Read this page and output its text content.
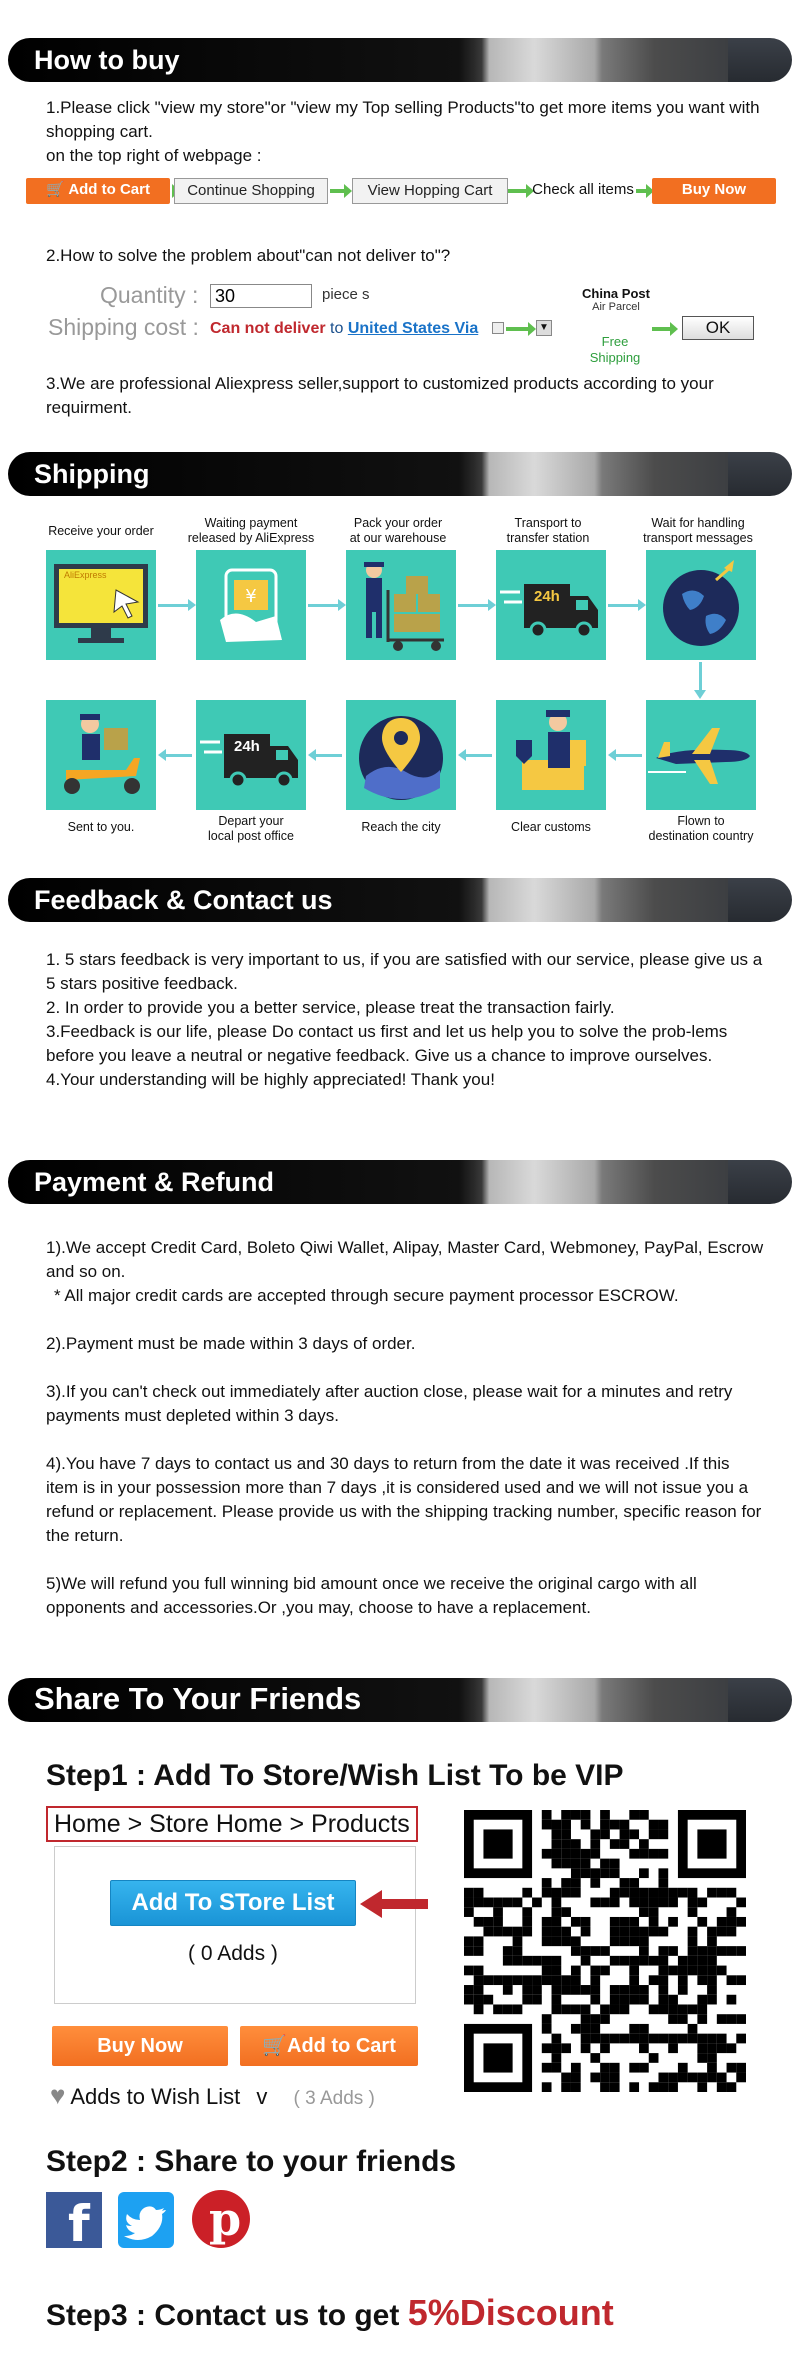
How to buy
1.Please click "view my store"or "view my Top selling Products"to get more items you want with shopping cart.
on the top right of webpage :
🛒 Add to Cart	Continue Shopping	View Hopping Cart	Check all items	Buy Now
2.How to solve the problem about"can not deliver to"?
Quantity :
30	piece s
Shipping cost : Can not deliver to United States Via	▼
China Post
Air Parcel
Free
Shipping
OK
3.We are professional Aliexpress seller,support to customized products according to your requirment.
Shipping
Receive your order
Waiting payment
released by AliExpress
Pack your order
at our warehouse
Transport to
transfer station
Wait for handling
transport messages
AliExpress
¥	24h
24h
Sent to you.	Depart your
local post office
Reach the city	Clear customs	Flown to
destination country
Feedback & Contact us
1. 5 stars feedback is very important to us, if you are satisfied with our service, please give us a 5 stars positive feedback.
2. In order to provide you a better service, please treat the transaction fairly.
3.Feedback is our life, please Do contact us first and let us help you to solve the prob-lems before you leave a neutral or negative feedback. Give us a chance to improve ourselves.
4.Your understanding will be highly appreciated! Thank you!
Payment & Refund
1).We accept Credit Card, Boleto Qiwi Wallet, Alipay, Master Card, Webmoney, PayPal, Escrow and so on.
* All major credit cards are accepted through secure payment processor ESCROW.
2).Payment must be made within 3 days of order.
3).If you can't check out immediately after auction close, please wait for a minutes and retry payments must depleted within 3 days.
4).You have 7 days to contact us and 30 days to return from the date it was received .If this item is in your possession more than 7 days ,it is considered used and we will not issue you a refund or replacement. Please provide us with the shipping tracking number, specific reason for the return.
5)We will refund you full winning bid amount once we receive the original cargo with all opponents and accessories.Or ,you may, choose to have a replacement.
Share To Your Friends
Step1 : Add To Store/Wish List To be VIP
Home > Store Home > Products
Add To STore List
( 0 Adds )
Buy Now	🛒Add to Cart
♥ Adds to Wish List v ( 3 Adds )
Step2 : Share to your friends
f	p
Step3 : Contact us to get 5%Discount
